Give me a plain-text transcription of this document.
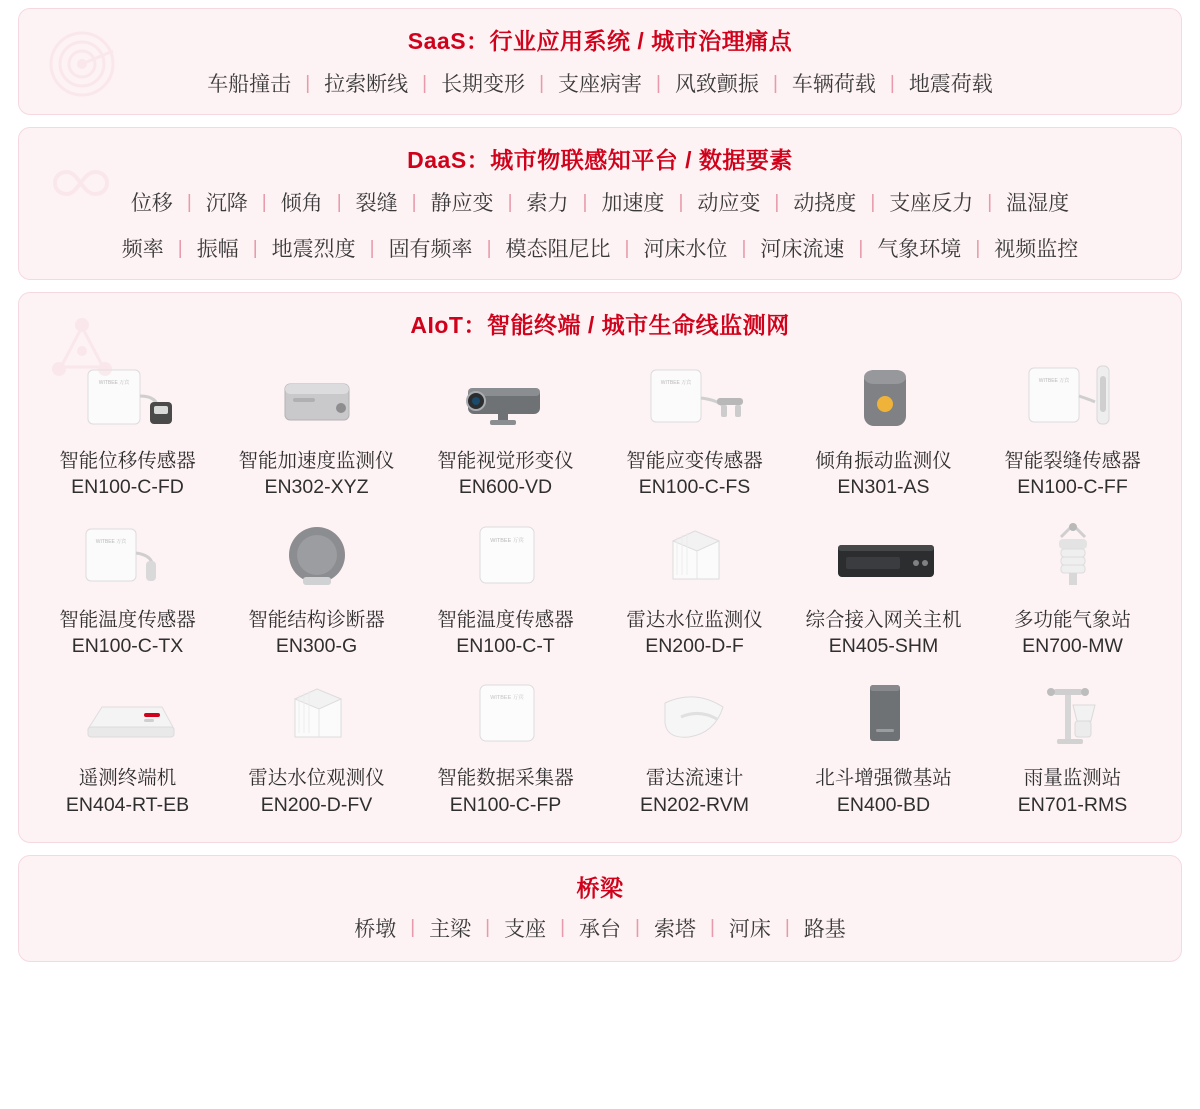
SaaS：行业应用系统 / 城市治理痛点
车船撞击 | 拉索断线 | 长期变形 | 支座病害 | 风致颤振 | 车辆荷载 | 地震荷载
DaaS：城市物联感知平台 / 数据要素
位移 | 沉降 | 倾角 | 裂缝 | 静应变 | 索力 | 加速度 | 动应变 | 动挠度 | 支座反力 | 温湿度
频率 | 振幅 | 地震烈度 | 固有频率 | 模态阻尼比 | 河床水位 | 河床流速 | 气象环境 | 视频监控
AIoT：智能终端 / 城市生命线监测网
WITBEE 万宾
智能位移传感器
EN100-C-FD
智能加速度监测仪
EN302-XYZ
智能视觉形变仪
EN600-VD
WITBEE 万宾
智能应变传感器
EN100-C-FS
倾角振动监测仪
EN301-AS
WITBEE 万宾
智能裂缝传感器
EN100-C-FF
WITBEE 万宾
智能温度传感器
EN100-C-TX
智能结构诊断器
EN300-G
WITBEE 万宾
智能温度传感器
EN100-C-T
雷达水位监测仪
EN200-D-F
综合接入网关主机
EN405-SHM
多功能气象站
EN700-MW
遥测终端机
EN404-RT-EB
雷达水位观测仪
EN200-D-FV
WITBEE 万宾
智能数据采集器
EN100-C-FP
雷达流速计
EN202-RVM
北斗增强微基站
EN400-BD
雨量监测站
EN701-RMS
桥梁
桥墩 | 主梁 | 支座 | 承台 | 索塔 | 河床 | 路基
